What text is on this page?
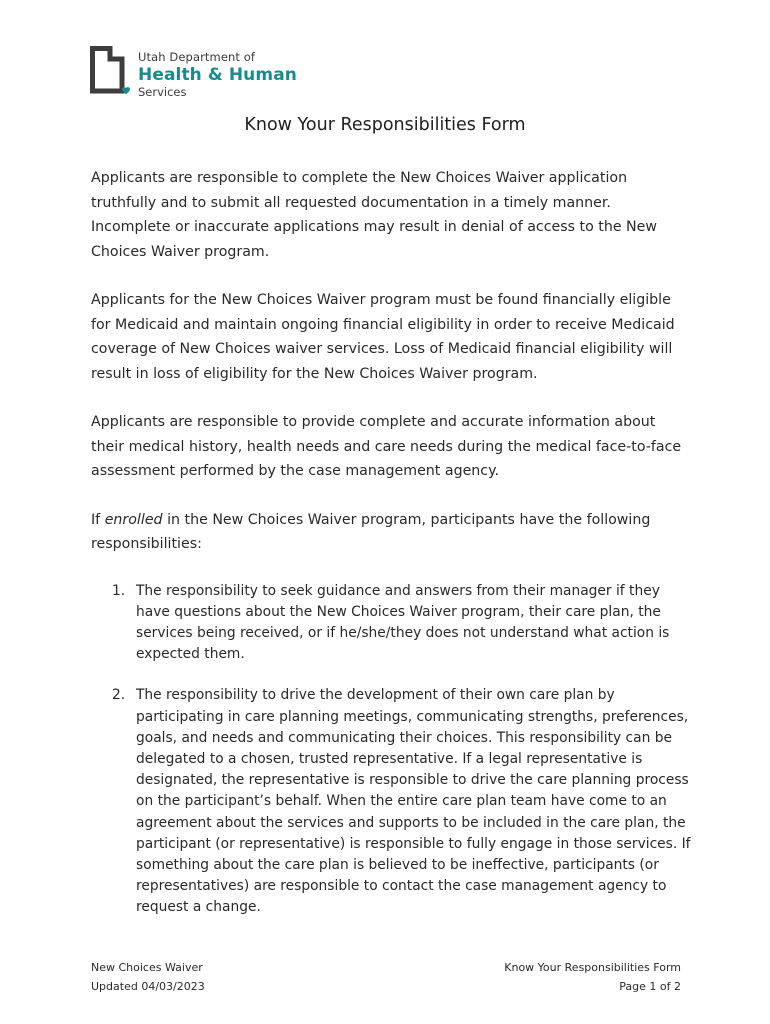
Utah Department of
Health & Human
Services
Know Your Responsibilities Form

Applicants are responsible to complete the New Choices Waiver application truthfully and to submit all requested documentation in a timely manner. Incomplete or inaccurate applications may result in denial of access to the New Choices Waiver program.

Applicants for the New Choices Waiver program must be found financially eligible for Medicaid and maintain ongoing financial eligibility in order to receive Medicaid coverage of New Choices waiver services. Loss of Medicaid financial eligibility will result in loss of eligibility for the New Choices Waiver program.

Applicants are responsible to provide complete and accurate information about their medical history, health needs and care needs during the medical face-to-face assessment performed by the case management agency.

If enrolled in the New Choices Waiver program, participants have the following responsibilities:

1. The responsibility to seek guidance and answers from their manager if they have questions about the New Choices Waiver program, their care plan, the services being received, or if he/she/they does not understand what action is expected them.
2. The responsibility to drive the development of their own care plan by participating in care planning meetings, communicating strengths, preferences, goals, and needs and communicating their choices. This responsibility can be delegated to a chosen, trusted representative. If a legal representative is designated, the representative is responsible to drive the care planning process on the participant’s behalf. When the entire care plan team have come to an agreement about the services and supports to be included in the care plan, the participant (or representative) is responsible to fully engage in those services. If something about the care plan is believed to be ineffective, participants (or representatives) are responsible to contact the case management agency to request a change.
New Choices Waiver
Updated 04/03/2023
Know Your Responsibilities Form
Page 1 of 2
